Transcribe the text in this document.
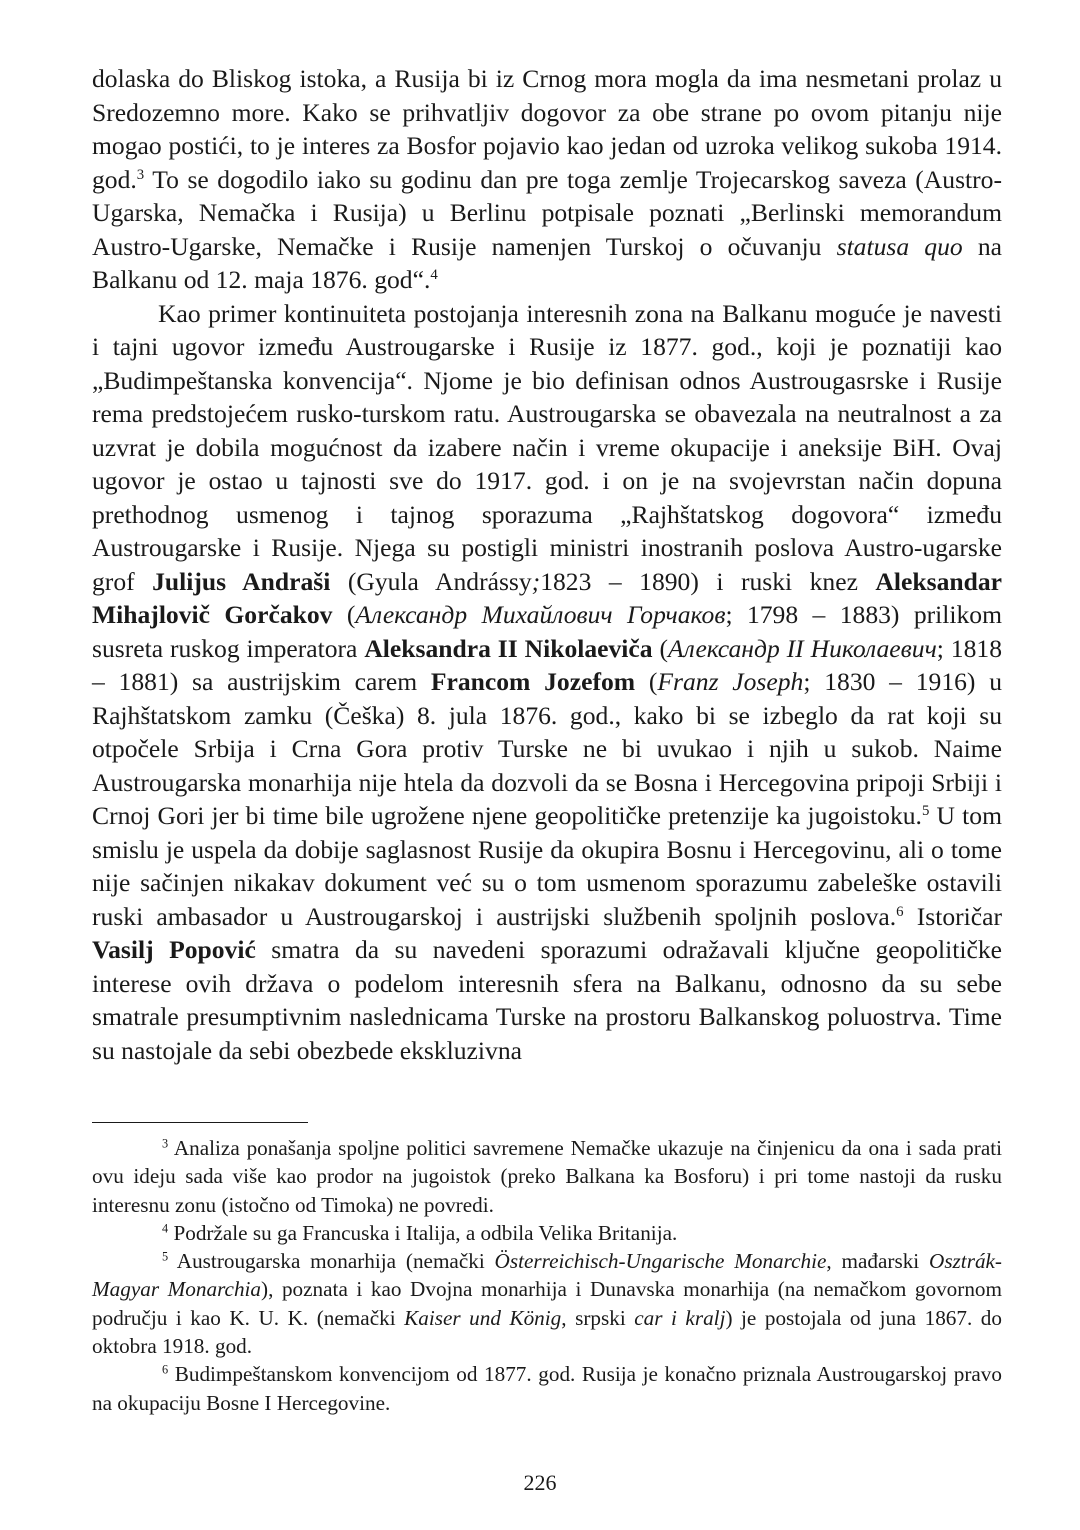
dolaska do Bliskog istoka, a Rusija bi iz Crnog mora mogla da ima nesmetani prolaz u Sredozemno more. Kako se prihvatljiv dogovor za obe strane po ovom pitanju nije mogao postići, to je interes za Bosfor pojavio kao jedan od uzroka velikog sukoba 1914. god.$^3$ To se dogodilo iako su godinu dan pre toga zemlje Trojecarskog saveza (Austro-Ugarska, Nemačka i Rusija) u Berlinu potpisale poznati „Berlinski memorandum Austro-Ugarske, Nemačke i Rusije namenjen Turskoj o očuvanju statusa quo na Balkanu od 12. maja 1876. god“.$^4$

Kao primer kontinuiteta postojanja interesnih zona na Balkanu moguće je navesti i tajni ugovor između Austrougarske i Rusije iz 1877. god., koji je poznatiji kao „Budimpeštanska konvencija“. Njome je bio definisan odnos Austrougasrske i Rusije rema predstojećem rusko-turskom ratu. Austrougarska se obavezala na neutralnost a za uzvrat je dobila mogućnost da izabere način i vreme okupacije i aneksije BiH. Ovaj ugovor je ostao u tajnosti sve do 1917. god. i on je na svojevrstan način dopuna prethodnog usmenog i tajnog sporazuma „Rajhštatskog dogovora“ između Austrougarske i Rusije. Njega su postigli ministri inostranih poslova Austro-ugarske grof Julijus Andraši (Gyula Andrássy;1823 – 1890) i ruski knez Aleksandar Mihajlovič Gorčakov (Александр Михайлович Горчаков; 1798 – 1883) prilikom susreta ruskog imperatora Aleksandra II Nikolaeviča (Александр II Николаевич; 1818 – 1881) sa austrijskim carem Francom Jozefom (Franz Joseph; 1830 – 1916) u Rajhštatskom zamku (Češka) 8. jula 1876. god., kako bi se izbeglo da rat koji su otpočele Srbija i Crna Gora protiv Turske ne bi uvukao i njih u sukob. Naime Austrougarska monarhija nije htela da dozvoli da se Bosna i Hercegovina pripoji Srbiji i Crnoj Gori jer bi time bile ugrožene njene geopolitičke pretenzije ka jugoistoku.$^5$ U tom smislu je uspela da dobije saglasnost Rusije da okupira Bosnu i Hercegovinu, ali o tome nije sačinjen nikakav dokument već su o tom usmenom sporazumu zabeleške ostavili ruski ambasador u Austrougarskoj i austrijski službenih spoljnih poslova.$^6$ Istoričar Vasilj Popović smatra da su navedeni sporazumi odražavali ključne geopolitičke interese ovih država o podelom interesnih sfera na Balkanu, odnosno da su sebe smatrale presumptivnim naslednicama Turske na prostoru Balkanskog poluostrva. Time su nastojale da sebi obezbede ekskluzivna

$^3$ Analiza ponašanja spoljne politici savremene Nemačke ukazuje na činjenicu da ona i sada prati ovu ideju sada više kao prodor na jugoistok (preko Balkana ka Bosforu) i pri tome nastoji da rusku interesnu zonu (istočno od Timoka) ne povredi.

$^4$ Podržale su ga Francuska i Italija, a odbila Velika Britanija.

$^5$ Austrougarska monarhija (nemački Österreichisch-Ungarische Monarchie, mađarski Osztrák-Magyar Monarchia), poznata i kao Dvojna monarhija i Dunavska monarhija (na nemačkom govornom području i kao K. U. K. (nemački Kaiser und König, srpski car i kralj) je postojala od juna 1867. do oktobra 1918. god.

$^6$ Budimpeštanskom konvencijom od 1877. god. Rusija je konačno priznala Austrougarskoj pravo na okupaciju Bosne I Hercegovine.

226
